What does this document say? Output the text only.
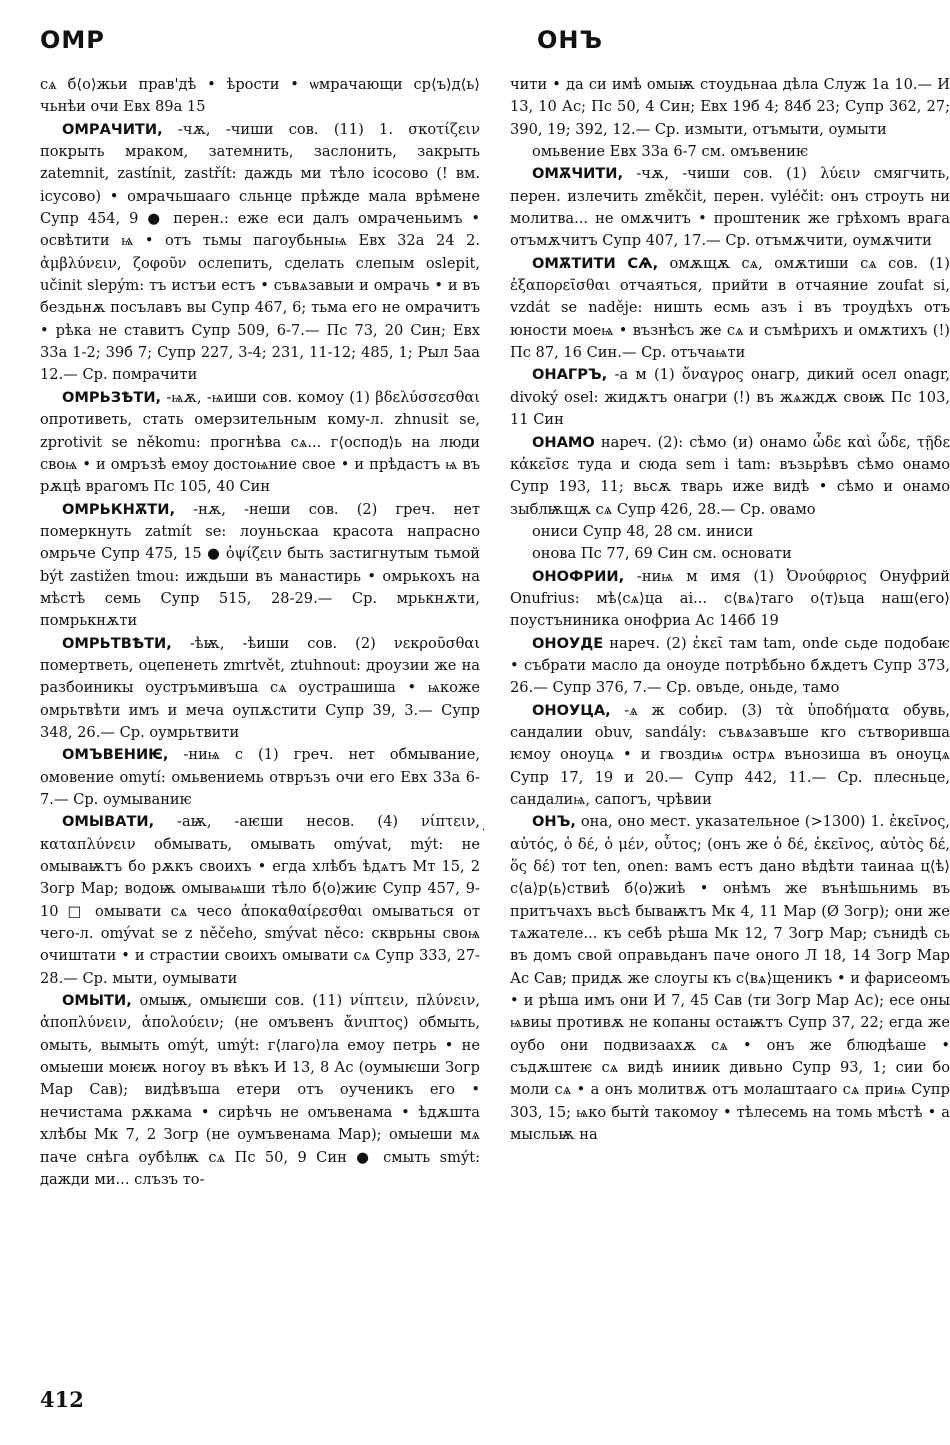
ОМР	ОНЪ

сѧ б⟨о⟩жьи прав'дѣ • ѣрости • ѡмрачающи ср⟨ъ⟩д⟨ь⟩чьнѣи очи Евх 89а 15

ОМРАЧИТИ, -чѫ, -чиши сов. (11) 1. σκοτίζειν покрыть мраком, затемнить, заслонить, закрыть zatemnit, zastínit, zastřít: даждь ми тѣло ісосово (! вм. ісусово) • омрачьшааго сльнце прѣжде мала врѣмене Супр 454, 9 ● перен.: еже еси далъ омраченьимъ • освѣтити ѩ • отъ тьмы пагоубьныѩ Евх 32а 24 2. ἀμβλύνειν, ζοφοῦν ослепить, сделать слепым oslepit, učinit slepým: тъ истъи естъ • съвѧзавыи и омрачь • и въ бездьнѫ посълавъ вы Супр 467, 6; тьма его не омрачитъ • рѣка не ставитъ Супр 509, 6-7.— Пс 73, 20 Син; Евх 33а 1-2; 39б 7; Супр 227, 3-4; 231, 11-12; 485, 1; Рыл 5аа 12.— Ср. помрачити

ОМРЬЗѢТИ, -ѩѫ, -ѩиши сов. комоу (1) βδελύσσεσθαι опротиветь, стать омерзительным кому-л. zhnusit se, zprotivit se někomu: прогнѣва сѧ... г⟨оспод⟩ь на люди своѩ • и омръзѣ емоу достоѩние свое • и прѣдастъ ѩ въ рѫцѣ врагомъ Пс 105, 40 Син

ОМРЬКНѪТИ, -нѫ, -неши сов. (2) греч. нет померкнуть zatmít se: лоуньскаа красота напрасно омрьче Супр 475, 15 ● ὀψίζειν быть застигнутым тьмой být zastižen tmou: иждьши въ манастирь • омрькохъ на мѣстѣ семь Супр 515, 28-29.— Ср. мрькнѫти, помрькнѫти

ОМРЬТВѢТИ, -ѣѭ, -ѣиши сов. (2) νεκροῦσθαι помертветь, оцепенеть zmrtvět, ztuhnout: дроузии же на разбоиникы оустръмивъша сѧ оустрашиша • ѩкоже омрьтвѣти имъ и меча оупѫстити Супр 39, 3.— Супр 348, 26.— Ср. оумрьтвити

ОМЪВЕНИѤ, -ниѩ с (1) греч. нет обмывание, омовение omytí: омьвениемь отвръзъ очи его Евх 33а 6-7.— Ср. оумываниѥ

ОМЫВАТИ, -аѭ, -аѥши несов. (4) νίπτειν, καταπλύνειν обмывать, омывать omývat, mýt: не омываѭтъ бо рѫкъ своихъ • егда хлѣбъ ѣдѧтъ Мт 15, 2 Зогр Мар; водоѭ омываѩши тѣло б⟨о⟩жиѥ Супр 457, 9-10 □ омывати сѧ чесо ἀποκαθαίρεσθαι омываться от чего-л. omývat se z něčeho, smývat něco: скврьны своѩ очиштати • и страстии своихъ омывати сѧ Супр 333, 27-28.— Ср. мыти, оумывати

ОМЫТИ, омыѭ, омыѥши сов. (11) νίπτειν, πλύνειν, ἀποπλύνειν, ἀπολούειν; (не омъвенъ ἄνιπτος) обмыть, омыть, вымыть omýt, umýt: г⟨лаго⟩ла емоу петрь • не омыеши моѥѭ ногоу въ вѣкъ И 13, 8 Ас (оумыѥши Зогр Мар Сав); видѣвъша етери отъ оученикъ его • нечистама рѫкама • сирѣчь не омъвенама • ѣдѫшта хлѣбы Мк 7, 2 Зогр (не оумъвенама Мар); омыеши мѧ паче снѣга оубѣлѭ сѧ Пс 50, 9 Син ● смыть smýt: дажди ми... слъзъ то-

чити • да си имѣ омыѭ стоудьнаа дѣла Служ 1а 10.— И 13, 10 Ас; Пс 50, 4 Син; Евх 19б 4; 84б 23; Супр 362, 27; 390, 19; 392, 12.— Ср. измыти, отъмыти, оумыти

омьвение Евх 33а 6-7 см. омъвениѥ

ОМѪЧИТИ, -чѫ, -чиши сов. (1) λύειν смягчить, перен. излечить změkčit, перен. vyléčit: онъ строуть ни молитва... не омѫчитъ • проштеник же грѣхомъ врага отъмѫчитъ Супр 407, 17.— Ср. отъмѫчити, оумѫчити

ОМѪТИТИ СѦ, омѫщѫ сѧ, омѫтиши сѧ сов. (1) ἐξαπορεῖσθαι отчаяться, прийти в отчаяние zoufat si, vzdát se naděje: ништь есмь азъ і въ троудѣхъ отъ юности моеѩ • възнѣсъ же сѧ и съмѣрихъ и омѫтихъ (!) Пс 87, 16 Син.— Ср. отъчаѩти

ОНАГРЪ, -а м (1) ὄναγρος онагр, дикий осел onagr, divoký osel: жидѫтъ онагри (!) въ жѧждѫ своѭ Пс 103, 11 Син

ОНАМО нареч. (2): сѣмо (и) онамо ὧδε καὶ ὧδε, τῇδε κἀκεῖσε туда и сюда sem i tam: възьрѣвъ сѣмо онамо Супр 193, 11; вьсѫ тварь иже видѣ • сѣмо и онамо зыблѭщѫ сѧ Супр 426, 28.— Ср. овамо

ониси Супр 48, 28 см. иниси

онова Пс 77, 69 Син см. основати

ОНОФРИИ, -ниѩ м имя (1) Ὀνούφριος Онуфрий Onufrius: мѣ⟨сѧ⟩ца аі... с⟨вѧ⟩таго о⟨т⟩ьца наш⟨его⟩ поустъниника онофриа Ас 146б 19

ОНОУДЕ нареч. (2) ἐκεῖ там tam, onde сьде подобаѥ • събрати масло да оноуде потрѣбьно бѫдетъ Супр 373, 26.— Супр 376, 7.— Ср. овъде, оньде, тамо

ОНОУЦА, -ѧ ж собир. (3) τὰ ὑποδήματα обувь, сандалии obuv, sandály: съвѧзавъше кго сътворивша ѥмоу оноуцѧ • и гвоздиѩ острѧ вънозиша въ оноуцѧ Супр 17, 19 и 20.— Супр 442, 11.— Ср. плесньце, сандалиѩ, сапогъ, чрѣвии

ОНЪ, она, оно мест. указательное (>1300) 1. ἐκεῖνος, αὐτός, ὁ δέ, ὁ μέν, οὗτος; (онъ же ὁ δέ, ἐκεῖνος, αὐτὸς δέ, ὅς δέ) тот ten, onen: вамъ естъ дано вѣдѣти таинаа ц⟨ѣ⟩с⟨а⟩р⟨ь⟩ствиѣ б⟨о⟩жиѣ • онѣмъ же вънѣшьнимь въ притъчахъ вьсѣ бываѭтъ Мк 4, 11 Мар (Ø Зогр); они же тѧжателе... къ себѣ рѣша Мк 12, 7 Зогр Мар; сънидѣ сь въ домъ свой оправьданъ паче оного Л 18, 14 Зогр Мар Ас Сав; придѫ же слоугы къ с⟨вѧ⟩щеникъ • и фарисеомъ • и рѣша имъ они И 7, 45 Сав (ти Зогр Мар Ас); есе оны ѩвиы противѫ не копаны остаѭтъ Супр 37, 22; егда же оубо они подвизаахѫ сѧ • онъ же блюдѣаше • съдѫштеѥ сѧ видѣ иниик дивьно Супр 93, 1; сии бо моли сѧ • а онъ молитвѫ отъ молаштааго сѧ приѩ Супр 303, 15; ѩко бытѝ такомоу • тѣлесемь на томь мѣстѣ • а мысльѭ на

'
412
